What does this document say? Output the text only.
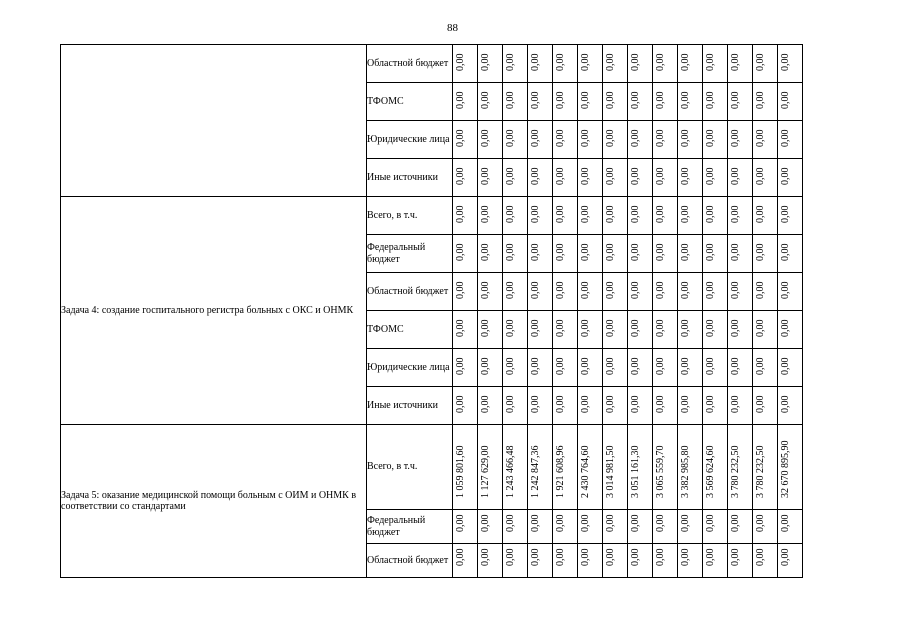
88
	Областной бюджет	0,00	0,00	0,00	0,00	0,00	0,00	0,00	0,00	0,00	0,00	0,00	0,00	0,00	0,00

	ТФОМС	0,00	0,00	0,00	0,00	0,00	0,00	0,00	0,00	0,00	0,00	0,00	0,00	0,00	0,00

	Юридические лица	0,00	0,00	0,00	0,00	0,00	0,00	0,00	0,00	0,00	0,00	0,00	0,00	0,00	0,00

	Иные источники	0,00	0,00	0,00	0,00	0,00	0,00	0,00	0,00	0,00	0,00	0,00	0,00	0,00	0,00

Задача 4: создание госпитального регистра больных с ОКС и ОНМК	Всего, в т.ч.	0,00	0,00	0,00	0,00	0,00	0,00	0,00	0,00	0,00	0,00	0,00	0,00	0,00	0,00

	Федеральный бюджет	0,00	0,00	0,00	0,00	0,00	0,00	0,00	0,00	0,00	0,00	0,00	0,00	0,00	0,00

	Областной бюджет	0,00	0,00	0,00	0,00	0,00	0,00	0,00	0,00	0,00	0,00	0,00	0,00	0,00	0,00

	ТФОМС	0,00	0,00	0,00	0,00	0,00	0,00	0,00	0,00	0,00	0,00	0,00	0,00	0,00	0,00

	Юридические лица	0,00	0,00	0,00	0,00	0,00	0,00	0,00	0,00	0,00	0,00	0,00	0,00	0,00	0,00

	Иные источники	0,00	0,00	0,00	0,00	0,00	0,00	0,00	0,00	0,00	0,00	0,00	0,00	0,00	0,00

Задача 5: оказание медицинской помощи больным с ОИМ и ОНМК в соответствии со стандартами	Всего, в т.ч.	1 059 801,60	1 127 629,00	1 243 466,48	1 242 847,36	1 921 608,96	2 430 764,60	3 014 981,50	3 051 161,30	3 065 559,70	3 382 985,80	3 569 624,60	3 780 232,50	3 780 232,50	32 670 895,90

	Федеральный бюджет	0,00	0,00	0,00	0,00	0,00	0,00	0,00	0,00	0,00	0,00	0,00	0,00	0,00	0,00

	Областной бюджет	0,00	0,00	0,00	0,00	0,00	0,00	0,00	0,00	0,00	0,00	0,00	0,00	0,00	0,00
